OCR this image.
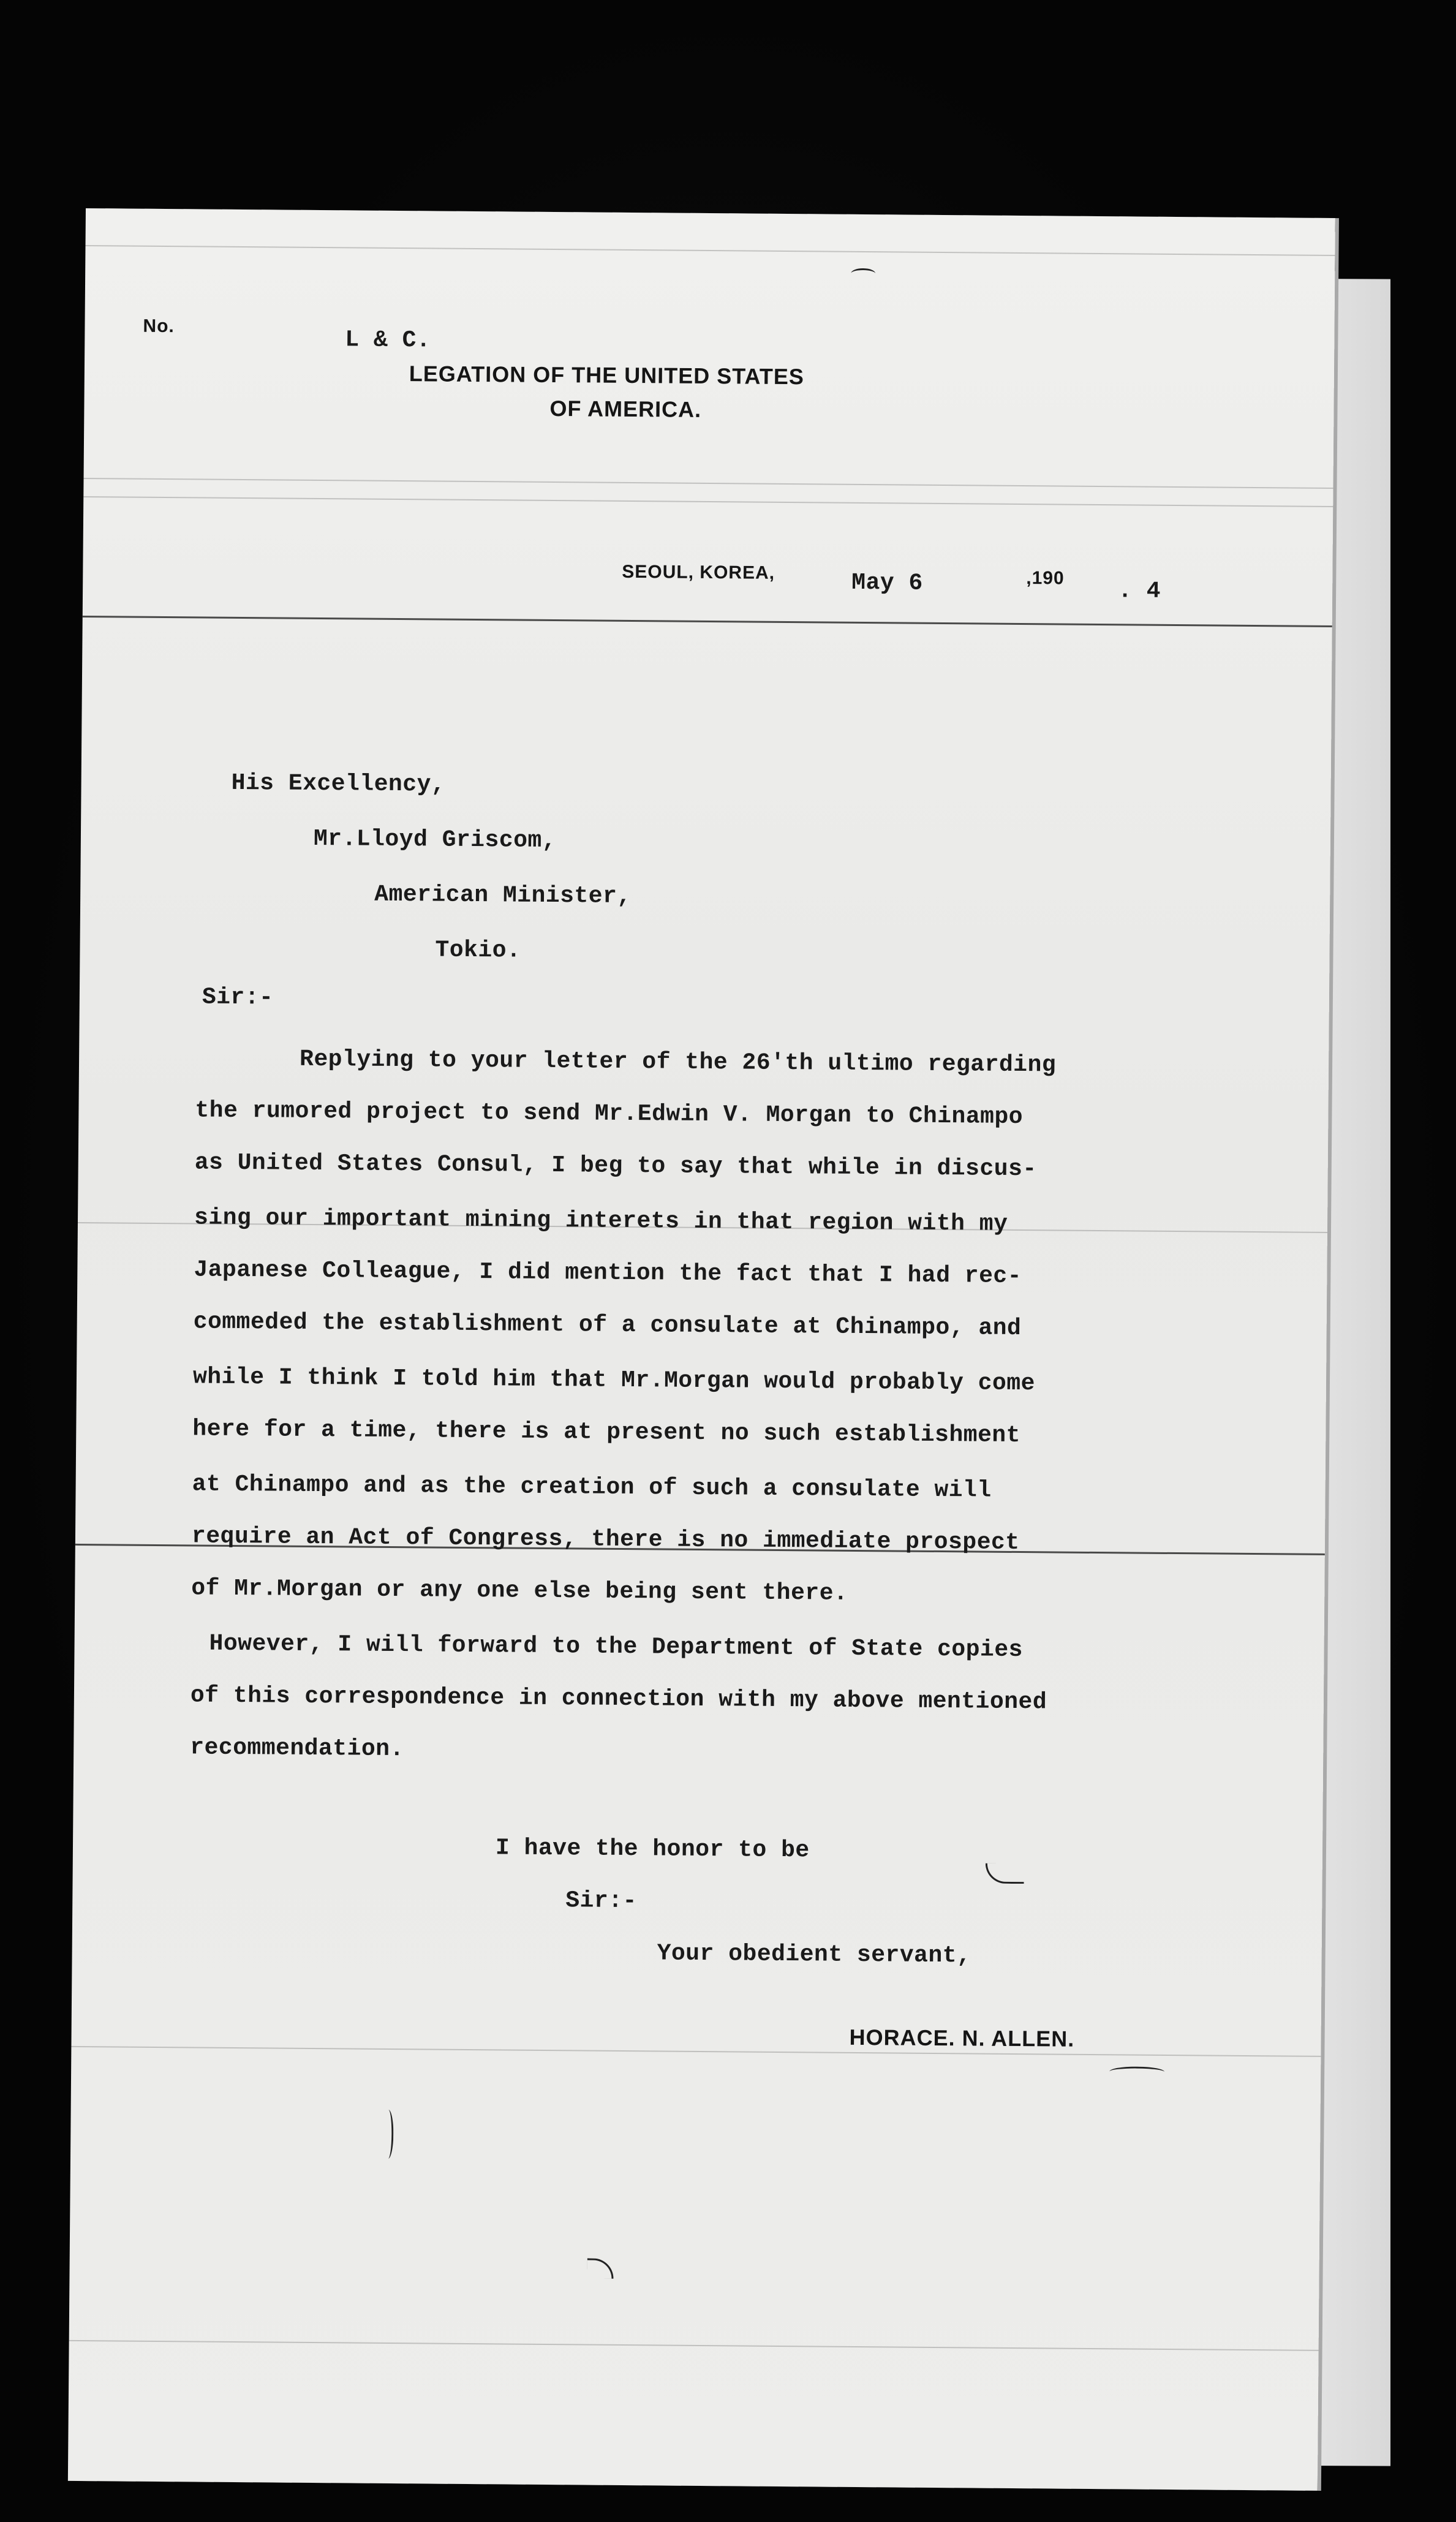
No.
L & C.
LEGATION OF THE UNITED STATES
OF AMERICA.
SEOUL, KOREA,	May 6	,190 . 4
His Excellency,
Mr.Lloyd Griscom,
American Minister,
Tokio.
Sir:-
Replying to your letter of the 26'th ultimo regarding
the rumored project to send Mr.Edwin V. Morgan to Chinampo
as United States Consul, I beg to say that while in discus-
sing our important mining interets in that region with my
Japanese Colleague, I did mention the fact that I had rec-
commeded the establishment of a consulate at Chinampo, and
while I think I told him that Mr.Morgan would probably come
here for a time, there is at present no such establishment
at Chinampo and as the creation of such a consulate will
require an Act of Congress, there is no immediate prospect
of Mr.Morgan or any one else being sent there.
However, I will forward to the Department of State copies
of this correspondence in connection with my above mentioned
recommendation.
I have the honor to be
Sir:-
Your obedient servant,
HORACE. N. ALLEN.
